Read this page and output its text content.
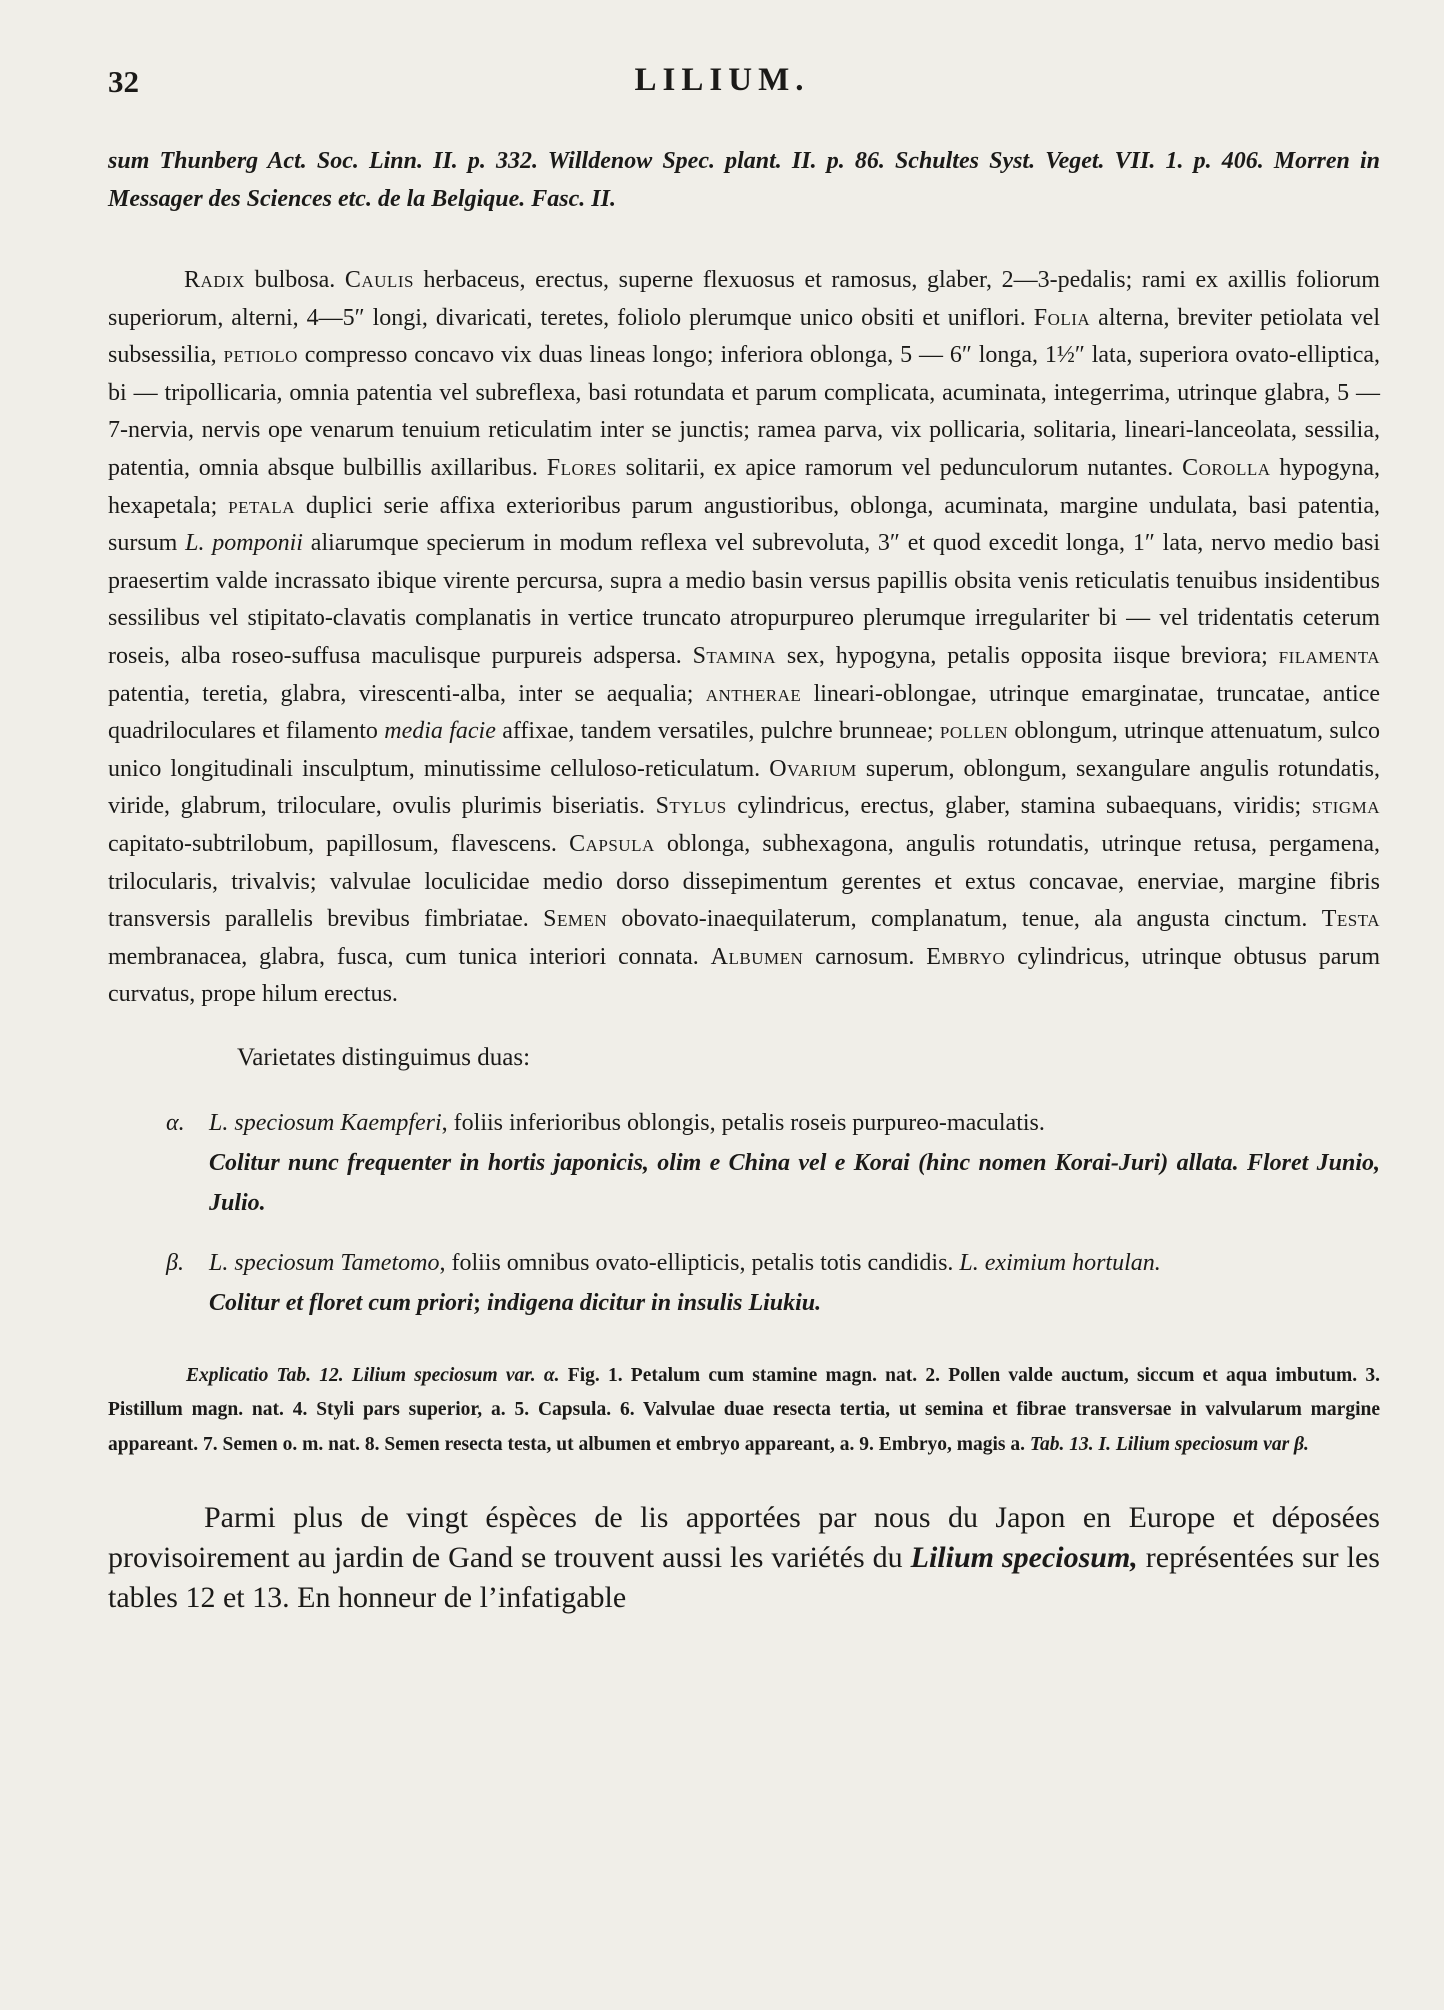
32	LILIUM.

sum Thunberg Act. Soc. Linn. II. p. 332. Willdenow Spec. plant. II. p. 86. Schultes Syst. Veget. VII. 1. p. 406. Morren in Messager des Sciences etc. de la Belgique. Fasc. II.

Radix bulbosa. Caulis herbaceus, erectus, superne flexuosus et ramosus, glaber, 2—3-pedalis; rami ex axillis foliorum superiorum, alterni, 4—5″ longi, divaricati, teretes, foliolo plerumque unico obsiti et uniflori. Folia alterna, breviter petiolata vel subsessilia, petiolo compresso concavo vix duas lineas longo; inferiora oblonga, 5 — 6″ longa, 1½″ lata, superiora ovato-elliptica, bi — tripollicaria, omnia patentia vel subreflexa, basi rotundata et parum complicata, acuminata, integerrima, utrinque glabra, 5 — 7-nervia, nervis ope venarum tenuium reticulatim inter se junctis; ramea parva, vix pollicaria, solitaria, lineari-lanceolata, sessilia, patentia, omnia absque bulbillis axillaribus. Flores solitarii, ex apice ramorum vel pedunculorum nutantes. Corolla hypogyna, hexapetala; petala duplici serie affixa exterioribus parum angustioribus, oblonga, acuminata, margine undulata, basi patentia, sursum L. pomponii aliarumque specierum in modum reflexa vel subrevoluta, 3″ et quod excedit longa, 1″ lata, nervo medio basi praesertim valde incrassato ibique virente percursa, supra a medio basin versus papillis obsita venis reticulatis tenuibus insidentibus sessilibus vel stipitato-clavatis complanatis in vertice truncato atropurpureo plerumque irregulariter bi — vel tridentatis ceterum roseis, alba roseo-suffusa maculisque purpureis adspersa. Stamina sex, hypogyna, petalis opposita iisque breviora; filamenta patentia, teretia, glabra, virescenti-alba, inter se aequalia; antherae lineari-oblongae, utrinque emarginatae, truncatae, antice quadriloculares et filamento media facie affixae, tandem versatiles, pulchre brunneae; pollen oblongum, utrinque attenuatum, sulco unico longitudinali insculptum, minutissime celluloso-reticulatum. Ovarium superum, oblongum, sexangulare angulis rotundatis, viride, glabrum, triloculare, ovulis plurimis biseriatis. Stylus cylindricus, erectus, glaber, stamina subaequans, viridis; stigma capitato-subtrilobum, papillosum, flavescens. Capsula oblonga, subhexagona, angulis rotundatis, utrinque retusa, pergamena, trilocularis, trivalvis; valvulae loculicidae medio dorso dissepimentum gerentes et extus concavae, enerviae, margine fibris transversis parallelis brevibus fimbriatae. Semen obovato-inaequilaterum, complanatum, tenue, ala angusta cinctum. Testa membranacea, glabra, fusca, cum tunica interiori connata. Albumen carnosum. Embryo cylindricus, utrinque obtusus parum curvatus, prope hilum erectus.

Varietates distinguimus duas:

α. L. speciosum Kaempferi, foliis inferioribus oblongis, petalis roseis purpureo-maculatis.
Colitur nunc frequenter in hortis japonicis, olim e China vel e Korai (hinc nomen Korai-Juri) allata. Floret Junio, Julio.
β. L. speciosum Tametomo, foliis omnibus ovato-ellipticis, petalis totis candidis. L. eximium hortulan.
Colitur et floret cum priori; indigena dicitur in insulis Liukiu.

Explicatio Tab. 12. Lilium speciosum var. α. Fig. 1. Petalum cum stamine magn. nat. 2. Pollen valde auctum, siccum et aqua imbutum. 3. Pistillum magn. nat. 4. Styli pars superior, a. 5. Capsula. 6. Valvulae duae resecta tertia, ut semina et fibrae transversae in valvularum margine appareant. 7. Semen o. m. nat. 8. Semen resecta testa, ut albumen et embryo appareant, a. 9. Embryo, magis a. Tab. 13. I. Lilium speciosum var β.

Parmi plus de vingt éspèces de lis apportées par nous du Japon en Europe et déposées provisoirement au jardin de Gand se trouvent aussi les variétés du Lilium speciosum, représentées sur les tables 12 et 13. En honneur de l’infatigable
